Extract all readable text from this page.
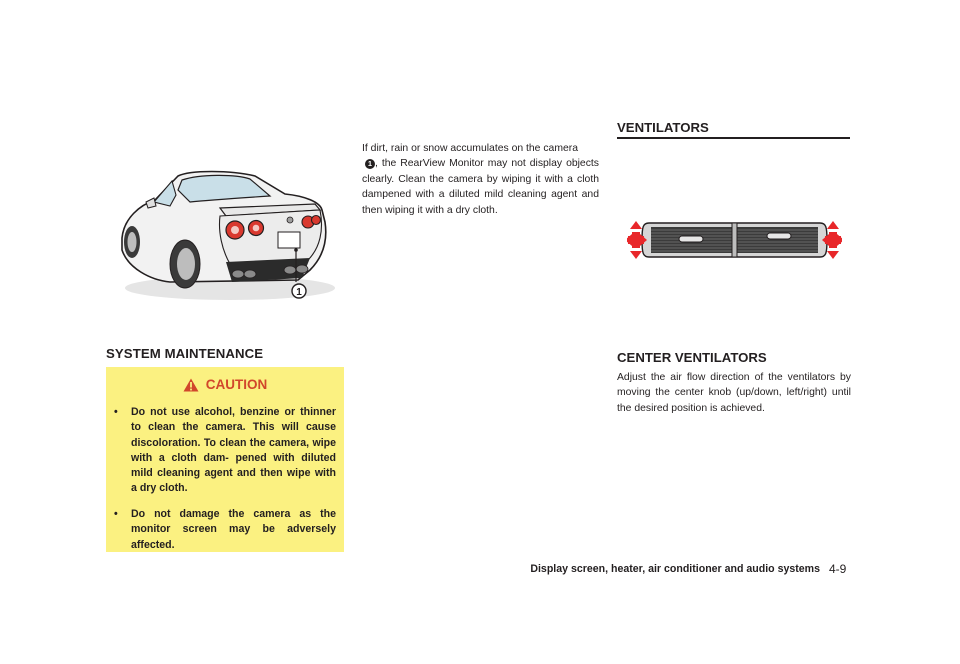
1
SYSTEM MAINTENANCE
CAUTION
• Do not use alcohol, benzine or thinner to clean the camera. This will cause discoloration. To clean the camera, wipe with a cloth dam- pened with diluted mild cleaning agent and then wipe with a dry cloth.
• Do not damage the camera as the monitor screen may be adversely affected.
If dirt, rain or snow accumulates on the camera
1 , the RearView Monitor may not display objects clearly. Clean the camera by wiping it with a cloth dampened with a diluted mild cleaning agent and then wiping it with a dry cloth.
VENTILATORS
CENTER VENTILATORS
Adjust the air flow direction of the ventilators by moving the center knob (up/down, left/right) until the desired position is achieved.
Display screen, heater, air conditioner and audio systems 4-9
